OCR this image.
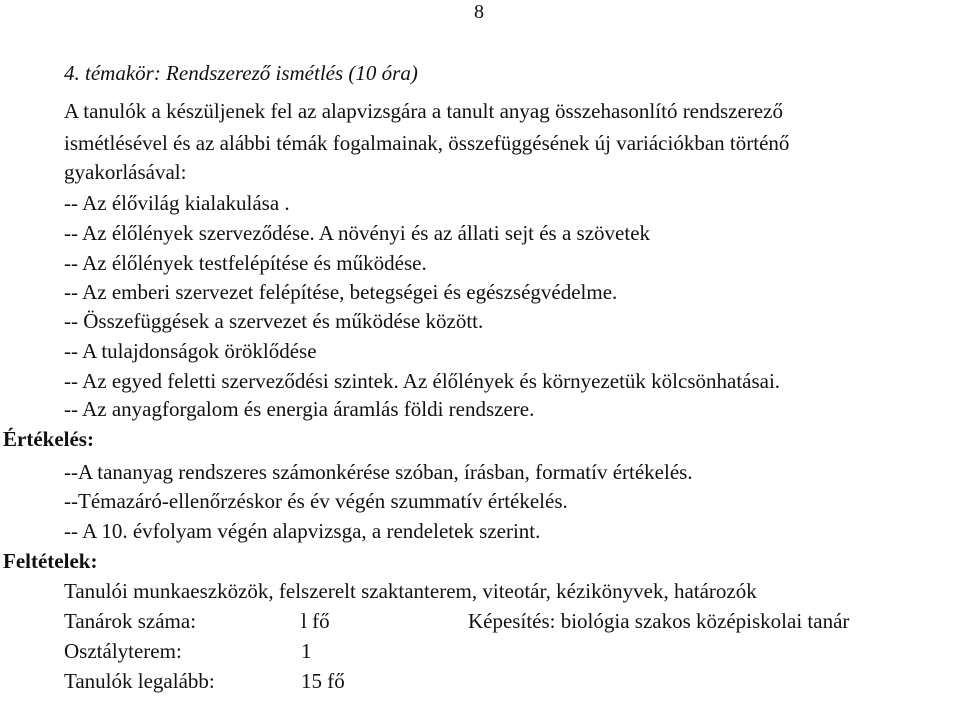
8
4. témakör: Rendszerező ismétlés (10 óra)
A tanulók a készüljenek fel az alapvizsgára a tanult anyag összehasonlító rendszerező
ismétlésével és az alábbi témák fogalmainak, összefüggésének új variációkban történő
gyakorlásával:
-- Az élővilág kialakulása .
-- Az élőlények szerveződése. A növényi és az állati sejt és a szövetek
-- Az élőlények testfelépítése és működése.
-- Az emberi szervezet felépítése, betegségei és egészségvédelme.
-- Összefüggések a szervezet és működése között.
-- A tulajdonságok öröklődése
-- Az egyed feletti szerveződési szintek. Az élőlények és környezetük kölcsönhatásai.
-- Az anyagforgalom és energia áramlás földi rendszere.
Értékelés:
--A tananyag rendszeres számonkérése szóban, írásban, formatív értékelés.
--Témazáró-ellenőrzéskor és év végén szummatív értékelés.
-- A 10. évfolyam végén alapvizsga, a rendeletek szerint.
Feltételek:
Tanulói munkaeszközök, felszerelt szaktanterem, viteotár, kézikönyvek, határozók
Tanárok száma:	l fő	Képesítés: biológia szakos középiskolai tanár
Osztályterem:	1
Tanulók legalább:	15 fő
